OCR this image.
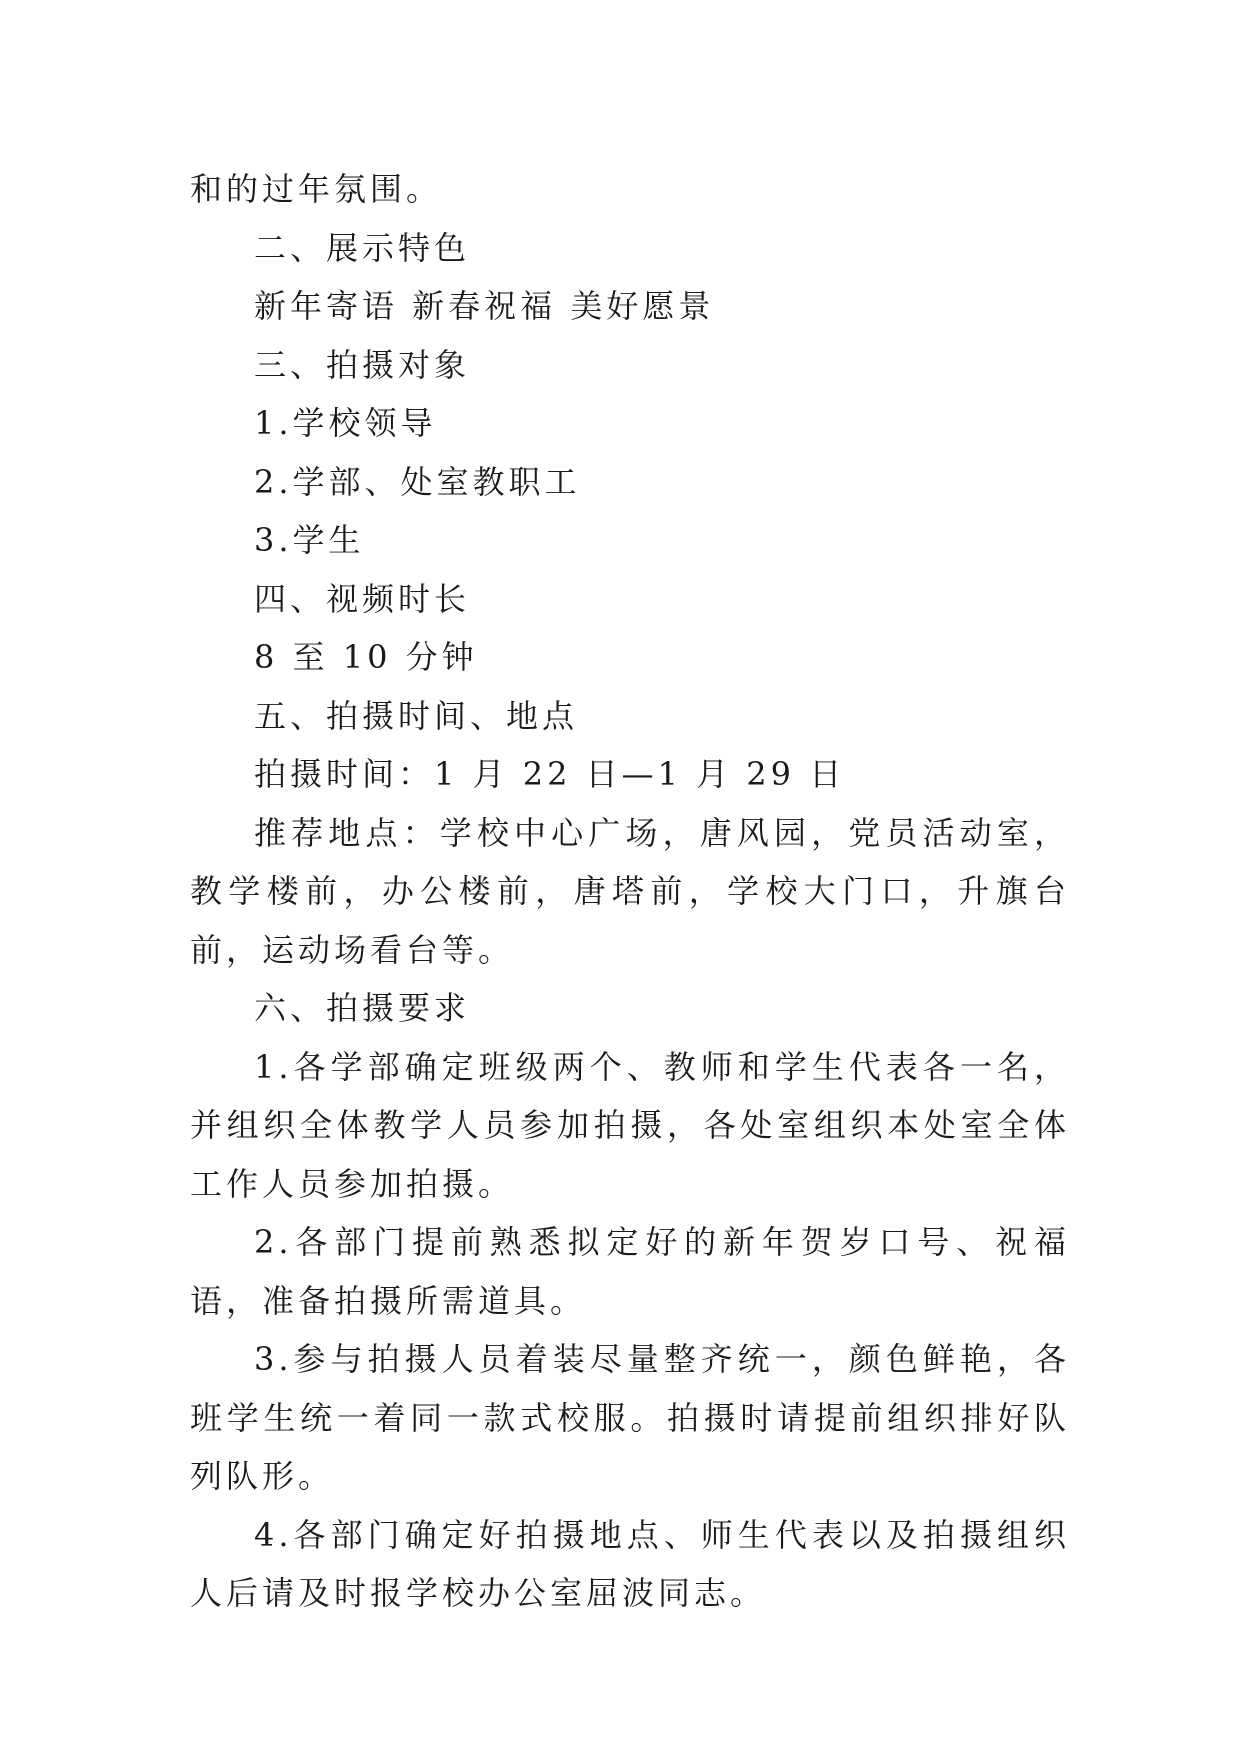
和的过年氛围。

二、展示特色

新年寄语 新春祝福 美好愿景

三、拍摄对象

1.学校领导

2.学部、处室教职工

3.学生

四、视频时长

8 至 10 分钟

五、拍摄时间、地点

拍摄时间：1 月 22 日—1 月 29 日

推荐地点：学校中心广场，唐风园，党员活动室，教学楼前，办公楼前，唐塔前，学校大门口，升旗台前，运动场看台等。

六、拍摄要求

1.各学部确定班级两个、教师和学生代表各一名，并组织全体教学人员参加拍摄，各处室组织本处室全体工作人员参加拍摄。

2.各部门提前熟悉拟定好的新年贺岁口号、祝福语，准备拍摄所需道具。

3.参与拍摄人员着装尽量整齐统一，颜色鲜艳，各班学生统一着同一款式校服。拍摄时请提前组织排好队列队形。

4.各部门确定好拍摄地点、师生代表以及拍摄组织人后请及时报学校办公室屈波同志。
